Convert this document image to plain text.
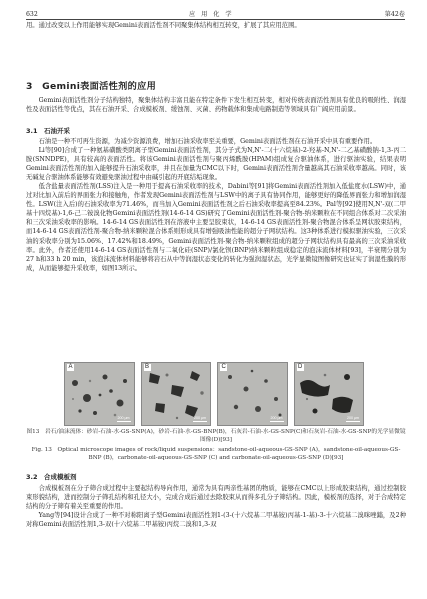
632	应 用 化 学	第42卷

用。通过改变以上作用能够实现Gemini表面活性剂不同聚集体结构相互转变，扩展了其应用范围。

3　Gemini表面活性剂的应用

Gemini表面活性剂分子结构独特，聚集体结构丰富且能在特定条件下发生相互转变，相对传统表面活性剂具有优良的吸附性、润湿性及表面活性等优点，其在石油开采、合成模板剂、缓蚀剂、灭菌、药物载体和集成电路制造等领域具有广阔应用前景。

3.1　石油开采

石油是一种不可再生资源，为减少资源浪费，增加石油采收率至关重要，Gemini表面活性剂在石油开采中具有重要作用。

Li等[90]合成了一种氨基磺酸类阴离子型Gemini表面活性剂，其分子式为N,N'-二(十六烷基)-2-羟基-N,N'-二乙基磺酸钠-1,3-丙二胺(SNNDPE)，具有较高的表面活性。将该Gemini表面活性剂与聚丙烯酰胺(HPAM)组成复合驱油体系，进行驱油实验，结果表明Gemini表面活性剂的加入能够提升石油采收率，并且在加量为CMC以下时，Gemini表面活性剂含量越高其石油采收率越高。同时，该无碱复合驱油体系能够有效避免驱油过程中由碱引起的开底结垢现象。

低含盐量表面活性剂(LSS)注入是一种用于提高石油采收率的技术，Dabini等[91]将Gemini表面活性剂加入低盐度水(LSW)中，通过对比加入前后的界面张力和接触角，作者发现Gemini表面活性剂与LSW中的离子具有协同作用，能够更好的降低界面张力和增加润湿性。LSW(注入后)的石油采收率为71.46%，而当加入Gemini表面活性剂之后石油采收率提高至84.23%。Pal等[92]使用N,N'-双(二甲基十四烷基)-1,6-己二铵溴化物Gemini表面活性剂(14-6-14 GS)研究了Gemini表面活性剂-聚合物-纳米颗粒在不同组合体系对二次采油和三次采油采收率的影响。14-6-14 GS表面活性剂在溶液中主要呈胶束状，14-6-14 GS表面活性剂-聚合物混合体系呈网状胶束结构，而14-6-14 GS表面活性剂-聚合物-纳米颗粒混合体系则形成具有增强吸油性能的超分子网状结构。这3种体系进行模拟驱油实验，三次采油的采收率分别为15.06%、17.42%和18.49%，Gemini表面活性剂-聚合物-纳米颗粒组成的超分子网状结构具有最高的三次采油采收率。此外，作者还使用14-6-14 GS表面活性剂与二氧化硅(SNP)/氯化钡(BNP)纳米颗粒组成稳定的泡沫流体材料[93]，半衰期分别为27 h和33 h 20 min，该泡沫流体材料能够将岩石从中等润湿状态变化的转化为强润湿状态，光学显微镜图像研究也证实了润湿性膜的形成，从而能够提升采收率，如图13所示。

A
200 μm
B
200 μm
C
200 μm
D
200 μm
图13　岩石/油沫流体：砂岩-石油-水-GS-SNP(A)，砂岩-石油-水-GS-BNP(B)，石灰岩-石油-水-GS-SNP(C)和石灰岩-石油-水-GS-SNP的光学显微镜图像(D)[93]
Fig. 13　Optical microscope images of rock/liquid suspensions：sandstone-oil-aqueous-GS-SNP (A)，sandstone-oil-aqueous-GS-BNP (B)，carbonate-oil-aqueous-GS-SNP (C) and carbonate-oil-aqueous-GS-SNP (D)[93]
3.2　合成模板剂

合成模板剂在分子筛合成过程中主要起结构导向作用，通常为具有两亲性基团的物质，能够在CMC以上形成胶束结构，通过控制胶束形貌结构，进而控制分子筛孔结构和孔径大小，完成合成后通过去除胶束从而得多孔分子筛结构。因此，模板剂的选择，对于合成特定结构的分子筛有着关至重要的作用。

Yang等[94]设计合成了一种不对称阳离子型Gemini表面活性剂1-(3-(十六烷基二甲基铵)丙基-1-基)-3-十六烷基二溴咪唑鎓，及2种对称Gemini表面活性剂1,3-双(十六烷基二甲基铵)丙烷二溴和1,3-双
